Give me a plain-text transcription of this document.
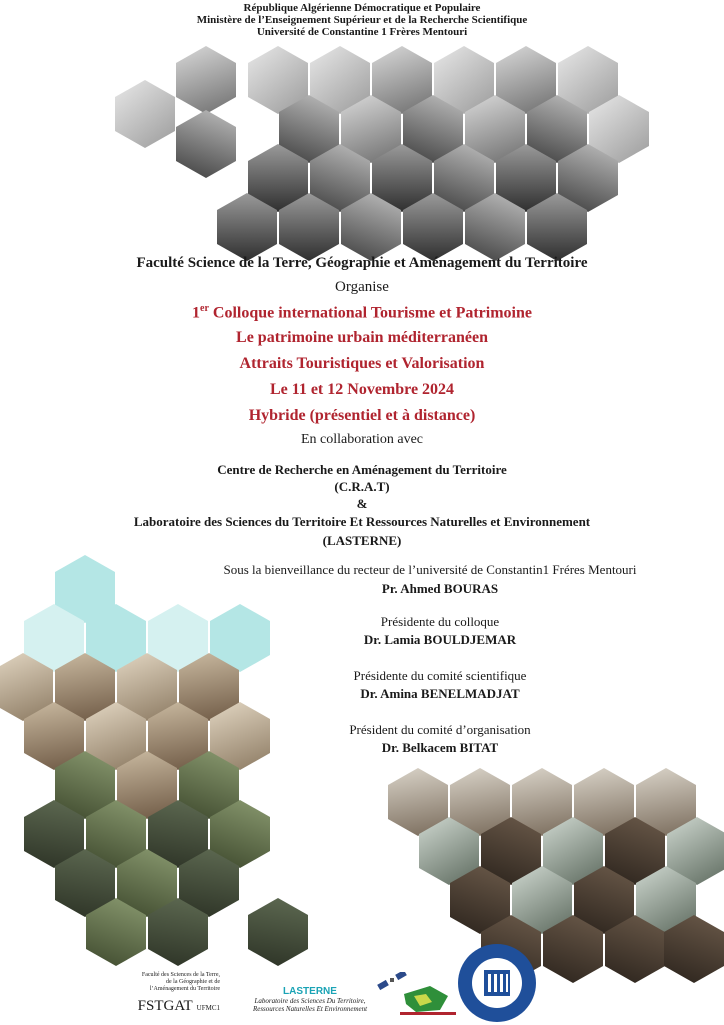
République Algérienne Démocratique et Populaire
Ministère de l’Enseignement Supérieur et de la Recherche Scientifique
Université de Constantine 1 Frères Mentouri
Faculté Science de la Terre, Géographie et Aménagement du Territoire
Organise
1er Colloque international Tourisme et Patrimoine
Le patrimoine urbain méditerranéen
Attraits Touristiques et Valorisation
Le 11 et 12 Novembre 2024
Hybride (présentiel et à distance)
En collaboration avec
Centre de Recherche en Aménagement du Territoire
(C.R.A.T)
&
Laboratoire des Sciences du Territoire Et Ressources Naturelles et Environnement
(LASTERNE)
Sous la bienveillance du recteur de l’université de Constantin1 Fréres Mentouri
Pr. Ahmed BOURAS
Présidente du colloque
Dr. Lamia BOULDJEMAR
Présidente du comité scientifique
Dr. Amina BENELMADJAT
Président du comité d’organisation
Dr. Belkacem BITAT
Faculté des Sciences de la Terre,
de la Géographie et de
l’Aménagement du Territoire
FSTGAT UFMC1
LASTERNE
Laboratoire des Sciences Du Territoire,
Ressources Naturelles Et Environnement
